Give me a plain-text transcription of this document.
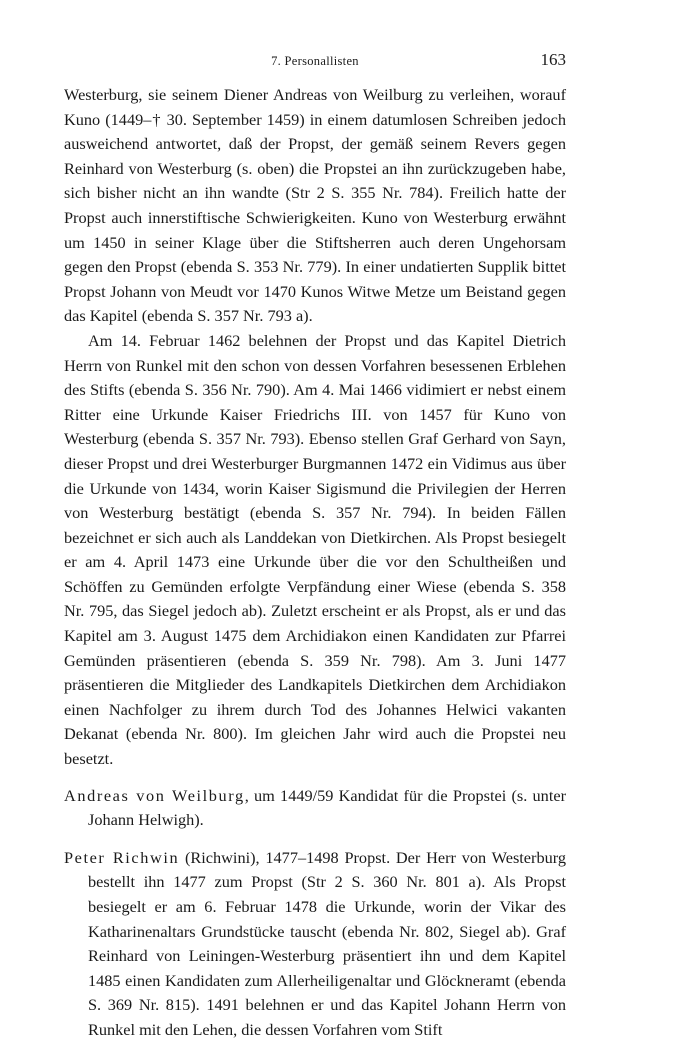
7. Personallisten	163

Westerburg, sie seinem Diener Andreas von Weilburg zu verleihen, worauf Kuno (1449–† 30. September 1459) in einem datumlosen Schreiben jedoch ausweichend antwortet, daß der Propst, der gemäß seinem Revers gegen Reinhard von Westerburg (s. oben) die Propstei an ihn zurückzugeben habe, sich bisher nicht an ihn wandte (Str 2 S. 355 Nr. 784). Freilich hatte der Propst auch innerstiftische Schwierigkeiten. Kuno von Westerburg erwähnt um 1450 in seiner Klage über die Stiftsherren auch deren Ungehorsam gegen den Propst (ebenda S. 353 Nr. 779). In einer undatierten Supplik bittet Propst Johann von Meudt vor 1470 Kunos Witwe Metze um Beistand gegen das Kapitel (ebenda S. 357 Nr. 793 a).

Am 14. Februar 1462 belehnen der Propst und das Kapitel Dietrich Herrn von Runkel mit den schon von dessen Vorfahren besessenen Erblehen des Stifts (ebenda S. 356 Nr. 790). Am 4. Mai 1466 vidimiert er nebst einem Ritter eine Urkunde Kaiser Friedrichs III. von 1457 für Kuno von Westerburg (ebenda S. 357 Nr. 793). Ebenso stellen Graf Gerhard von Sayn, dieser Propst und drei Westerburger Burgmannen 1472 ein Vidimus aus über die Urkunde von 1434, worin Kaiser Sigismund die Privilegien der Herren von Westerburg bestätigt (ebenda S. 357 Nr. 794). In beiden Fällen bezeichnet er sich auch als Landdekan von Dietkirchen. Als Propst besiegelt er am 4. April 1473 eine Urkunde über die vor den Schultheißen und Schöffen zu Gemünden erfolgte Verpfändung einer Wiese (ebenda S. 358 Nr. 795, das Siegel jedoch ab). Zuletzt erscheint er als Propst, als er und das Kapitel am 3. August 1475 dem Archidiakon einen Kandidaten zur Pfarrei Gemünden präsentieren (ebenda S. 359 Nr. 798). Am 3. Juni 1477 präsentieren die Mitglieder des Landkapitels Dietkirchen dem Archidiakon einen Nachfolger zu ihrem durch Tod des Johannes Helwici vakanten Dekanat (ebenda Nr. 800). Im gleichen Jahr wird auch die Propstei neu besetzt.

Andreas von Weilburg, um 1449/59 Kandidat für die Propstei (s. unter Johann Helwigh).

Peter Richwin (Richwini), 1477–1498 Propst. Der Herr von Westerburg bestellt ihn 1477 zum Propst (Str 2 S. 360 Nr. 801 a). Als Propst besiegelt er am 6. Februar 1478 die Urkunde, worin der Vikar des Katharinenaltars Grundstücke tauscht (ebenda Nr. 802, Siegel ab). Graf Reinhard von Leiningen-Westerburg präsentiert ihn und dem Kapitel 1485 einen Kandidaten zum Allerheiligenaltar und Glöckneramt (ebenda S. 369 Nr. 815). 1491 belehnen er und das Kapitel Johann Herrn von Runkel mit den Lehen, die dessen Vorfahren vom Stift
